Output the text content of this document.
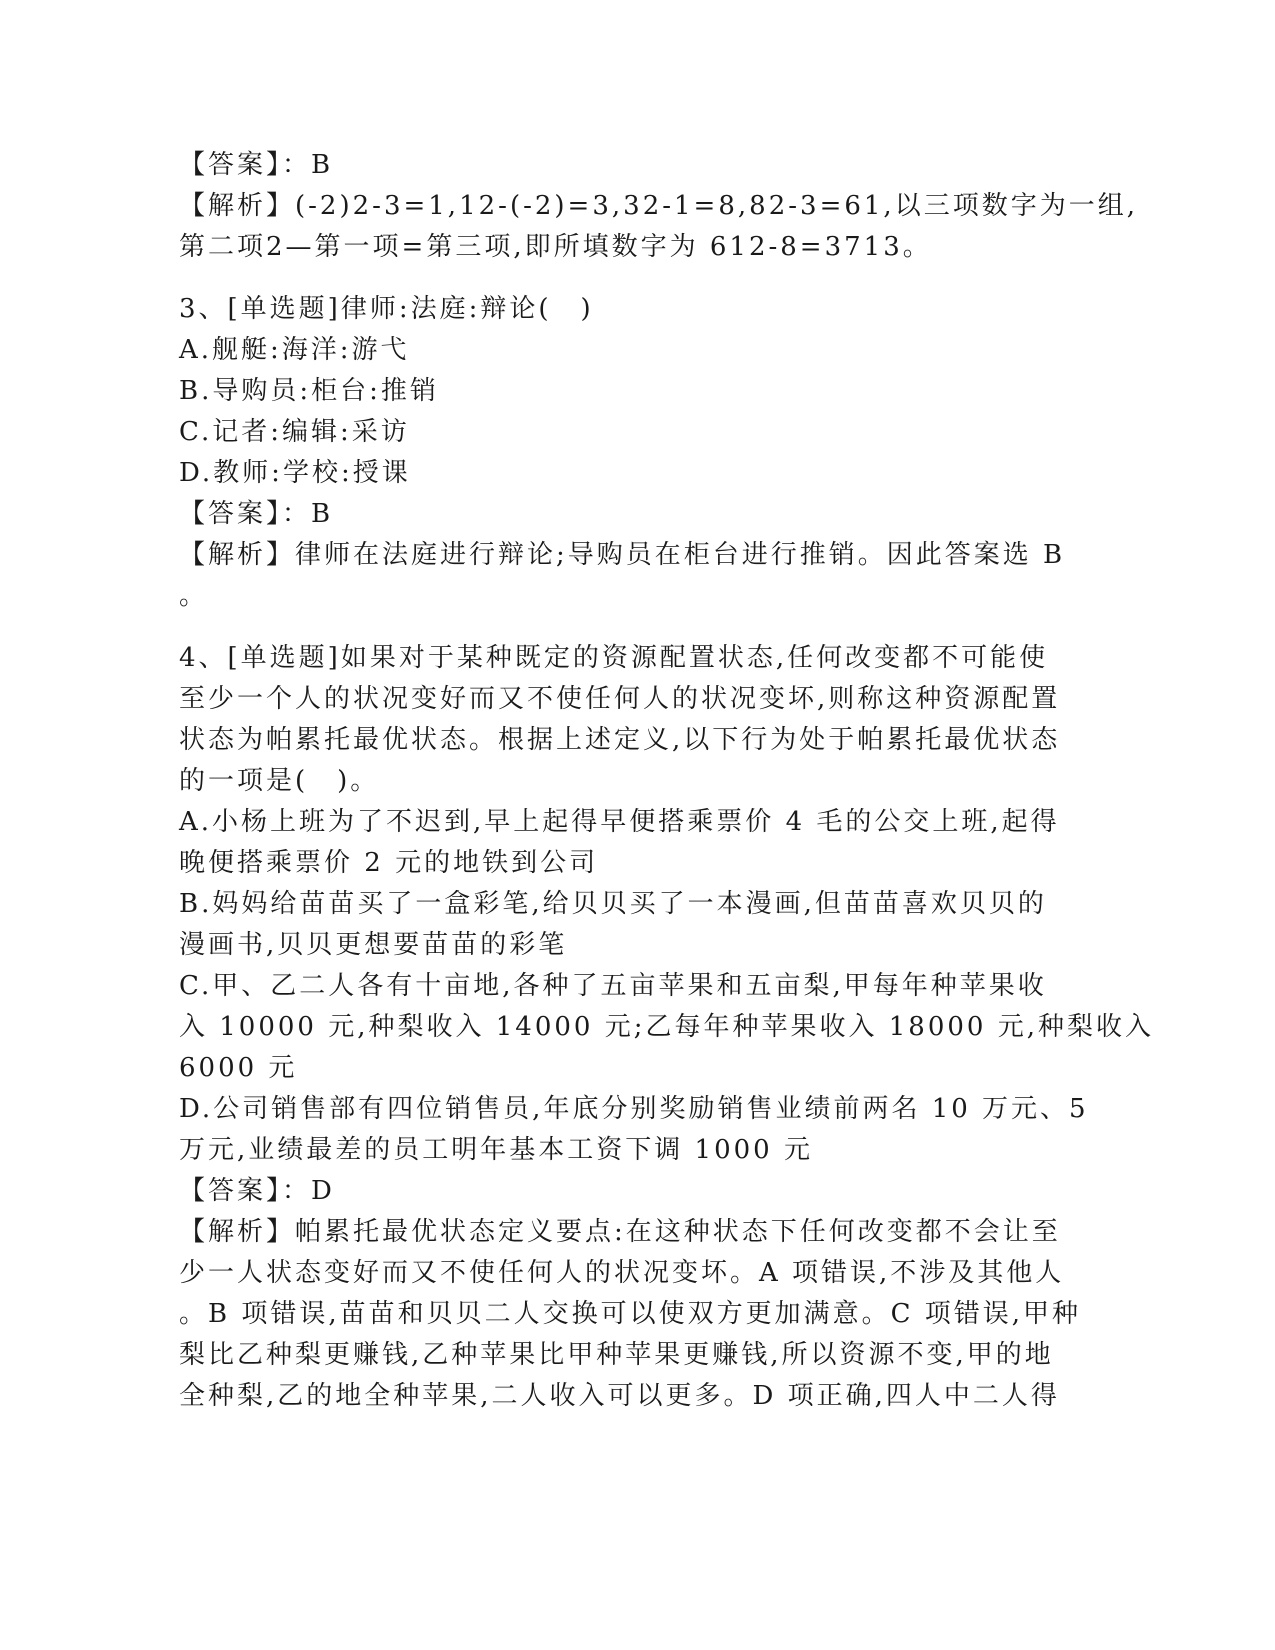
【答案】：B
【解析】(-2)2-3=1,12-(-2)=3,32-1=8,82-3=61,以三项数字为一组,
第二项2—第一项=第三项,即所填数字为 612-8=3713。
3、[单选题]律师:法庭:辩论(　)
A.舰艇:海洋:游弋
B.导购员:柜台:推销
C.记者:编辑:采访
D.教师:学校:授课
【答案】：B
【解析】律师在法庭进行辩论;导购员在柜台进行推销。因此答案选 B
。
4、[单选题]如果对于某种既定的资源配置状态,任何改变都不可能使
至少一个人的状况变好而又不使任何人的状况变坏,则称这种资源配置
状态为帕累托最优状态。根据上述定义,以下行为处于帕累托最优状态
的一项是(　)。
A.小杨上班为了不迟到,早上起得早便搭乘票价 4 毛的公交上班,起得
晚便搭乘票价 2 元的地铁到公司
B.妈妈给苗苗买了一盒彩笔,给贝贝买了一本漫画,但苗苗喜欢贝贝的
漫画书,贝贝更想要苗苗的彩笔
C.甲、乙二人各有十亩地,各种了五亩苹果和五亩梨,甲每年种苹果收
入 10000 元,种梨收入 14000 元;乙每年种苹果收入 18000 元,种梨收入
6000 元
D.公司销售部有四位销售员,年底分别奖励销售业绩前两名 10 万元、5
万元,业绩最差的员工明年基本工资下调 1000 元
【答案】：D
【解析】帕累托最优状态定义要点:在这种状态下任何改变都不会让至
少一人状态变好而又不使任何人的状况变坏。A 项错误,不涉及其他人
。B 项错误,苗苗和贝贝二人交换可以使双方更加满意。C 项错误,甲种
梨比乙种梨更赚钱,乙种苹果比甲种苹果更赚钱,所以资源不变,甲的地
全种梨,乙的地全种苹果,二人收入可以更多。D 项正确,四人中二人得
